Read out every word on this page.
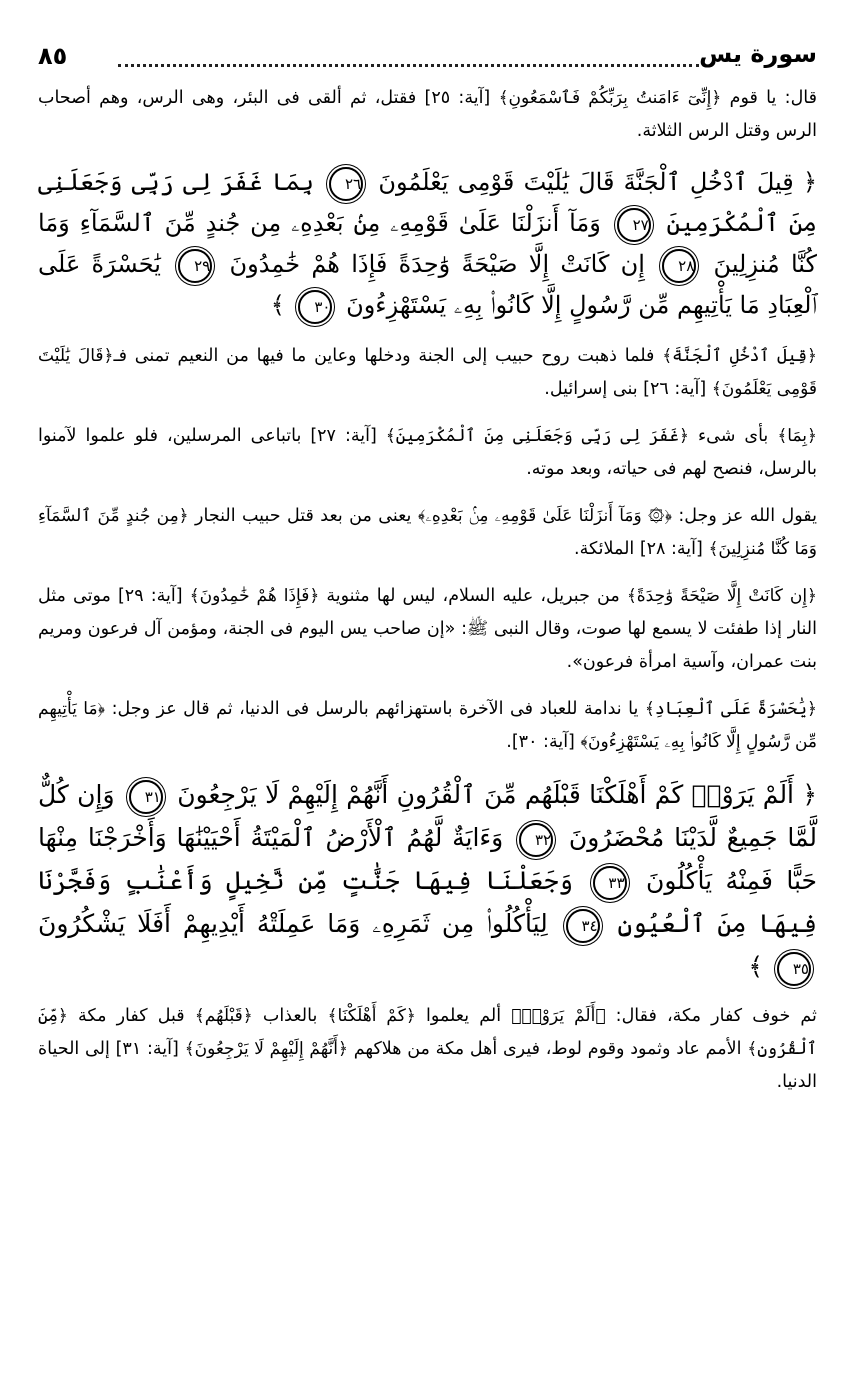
سورة يس
٨٥

قال: يا قوم ﴿إِنِّىٓ ءَامَنتُ بِرَبِّكُمْ فَٱسْمَعُونِ﴾ [آية: ٢٥] فقتل، ثم ألقى فى البئر، وهى الرس، وهم أصحاب الرس وقتل الرس الثلاثة.

﴿ قِيلَ ٱدْخُلِ ٱلْجَنَّةَ قَالَ يَٰلَيْتَ قَوْمِى يَعْلَمُونَ ٢٦ بِمَا غَفَرَ لِى رَبِّى وَجَعَلَنِى مِنَ ٱلْمُكْرَمِينَ ٢٧ وَمَآ أَنزَلْنَا عَلَىٰ قَوْمِهِۦ مِنۢ بَعْدِهِۦ مِن جُندٍ مِّنَ ٱلسَّمَآءِ وَمَا كُنَّا مُنزِلِينَ ٢٨ إِن كَانَتْ إِلَّا صَيْحَةً وَٰحِدَةً فَإِذَا هُمْ خَٰمِدُونَ ٢٩ يَٰحَسْرَةً عَلَى ٱلْعِبَادِ مَا يَأْتِيهِم مِّن رَّسُولٍ إِلَّا كَانُوا۟ بِهِۦ يَسْتَهْزِءُونَ ٣٠ ﴾

﴿قِيلَ ٱدْخُلِ ٱلْجَنَّةَ﴾ فلما ذهبت روح حبيب إلى الجنة ودخلها وعاين ما فيها من النعيم تمنى فـ﴿قَالَ يَٰلَيْتَ قَوْمِى يَعْلَمُونَ﴾ [آية: ٢٦] بنى إسرائيل.

﴿بِمَا﴾ بأى شىء ﴿غَفَرَ لِى رَبِّى وَجَعَلَنِى مِنَ ٱلْمُكْرَمِينَ﴾ [آية: ٢٧] باتباعى المرسلين، فلو علموا لآمنوا بالرسل، فنصح لهم فى حياته، وبعد موته.

يقول الله عز وجل: ﴿۞ وَمَآ أَنزَلْنَا عَلَىٰ قَوْمِهِۦ مِنۢ بَعْدِهِۦ﴾ يعنى من بعد قتل حبيب النجار ﴿مِن جُندٍ مِّنَ ٱلسَّمَآءِ وَمَا كُنَّا مُنزِلِينَ﴾ [آية: ٢٨] الملائكة.

﴿إِن كَانَتْ إِلَّا صَيْحَةً وَٰحِدَةً﴾ من جبريل، عليه السلام، ليس لها مثنوية ﴿فَإِذَا هُمْ خَٰمِدُونَ﴾ [آية: ٢٩] موتى مثل النار إذا طفئت لا يسمع لها صوت، وقال النبى ﷺ: «إن صاحب يس اليوم فى الجنة، ومؤمن آل فرعون ومريم بنت عمران، وآسية امرأة فرعون».

﴿يَٰحَسْرَةً عَلَى ٱلْعِبَادِ﴾ يا ندامة للعباد فى الآخرة باستهزائهم بالرسل فى الدنيا، ثم قال عز وجل: ﴿مَا يَأْتِيهِم مِّن رَّسُولٍ إِلَّا كَانُوا۟ بِهِۦ يَسْتَهْزِءُونَ﴾ [آية: ٣٠].

﴿ أَلَمْ يَرَوْا۟ كَمْ أَهْلَكْنَا قَبْلَهُم مِّنَ ٱلْقُرُونِ أَنَّهُمْ إِلَيْهِمْ لَا يَرْجِعُونَ ٣١ وَإِن كُلٌّ لَّمَّا جَمِيعٌ لَّدَيْنَا مُحْضَرُونَ ٣٢ وَءَايَةٌ لَّهُمُ ٱلْأَرْضُ ٱلْمَيْتَةُ أَحْيَيْنَٰهَا وَأَخْرَجْنَا مِنْهَا حَبًّا فَمِنْهُ يَأْكُلُونَ ٣٣ وَجَعَلْنَا فِيهَا جَنَّٰتٍ مِّن نَّخِيلٍ وَأَعْنَٰبٍ وَفَجَّرْنَا فِيهَا مِنَ ٱلْعُيُونِ ٣٤ لِيَأْكُلُوا۟ مِن ثَمَرِهِۦ وَمَا عَمِلَتْهُ أَيْدِيهِمْ أَفَلَا يَشْكُرُونَ ٣٥ ﴾

ثم خوف كفار مكة، فقال: ﴿أَلَمْ يَرَوْا۟﴾ ألم يعلموا ﴿كَمْ أَهْلَكْنَا﴾ بالعذاب ﴿قَبْلَهُم﴾ قبل كفار مكة ﴿مِّنَ ٱلْقُرُونِ﴾ الأمم عاد وثمود وقوم لوط، فيرى أهل مكة من هلاكهم ﴿أَنَّهُمْ إِلَيْهِمْ لَا يَرْجِعُونَ﴾ [آية: ٣١] إلى الحياة الدنيا.
